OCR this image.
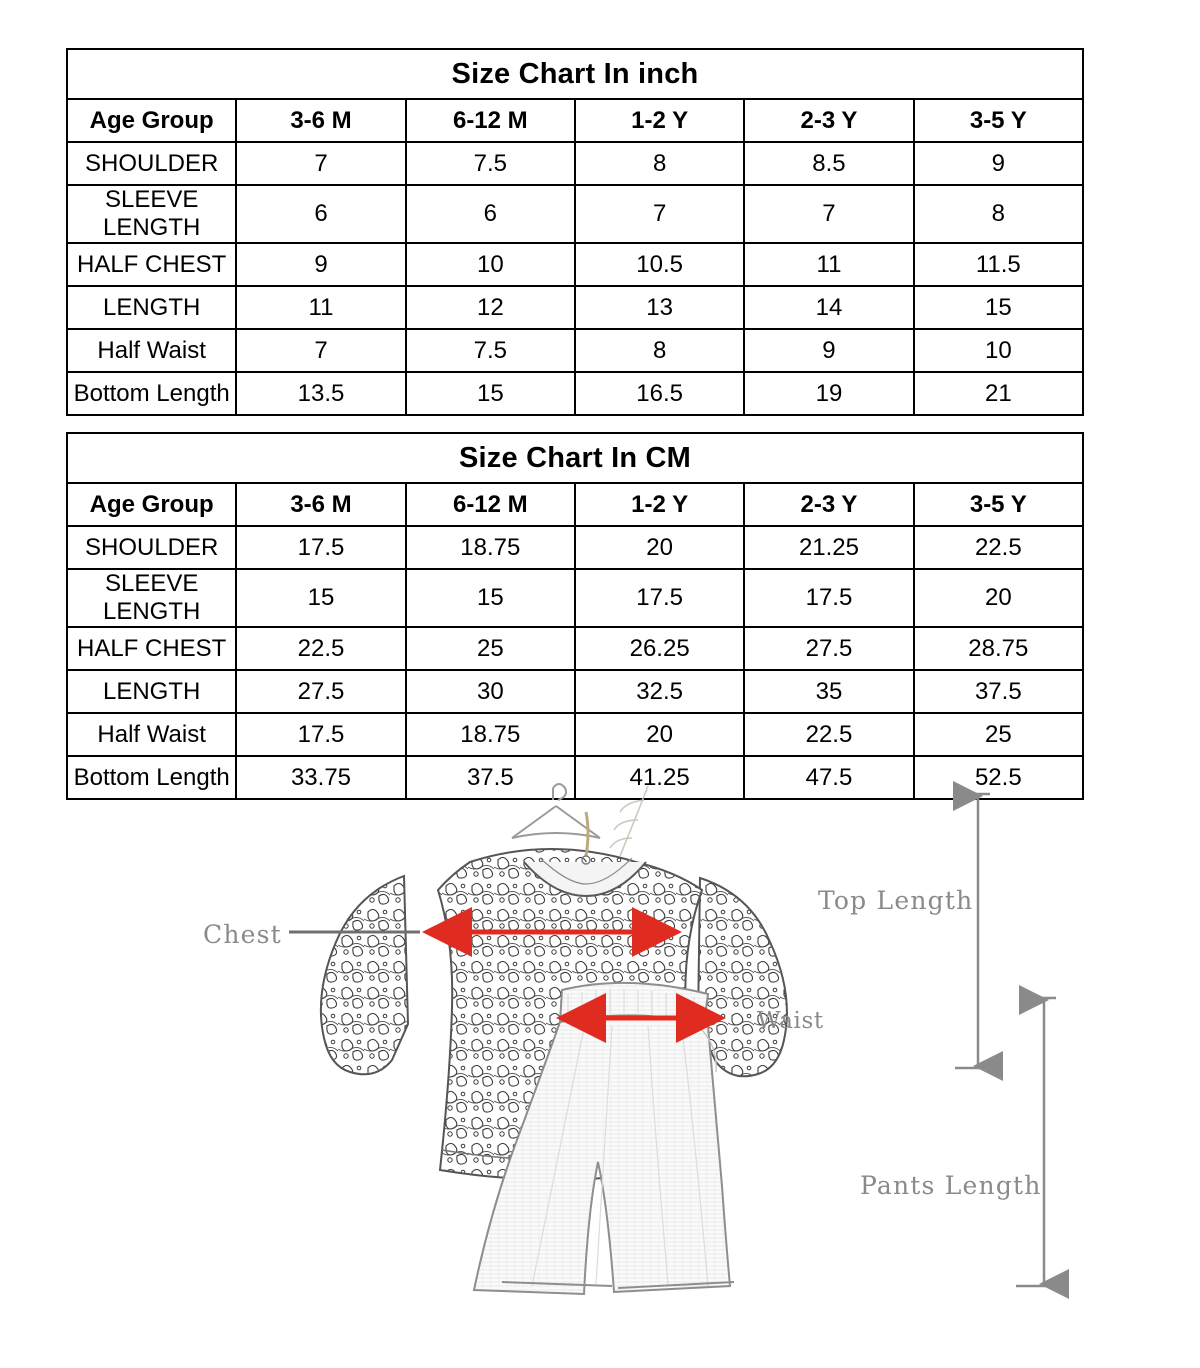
Size Chart In inch					
Age Group	3-6 M	6-12 M	1-2 Y	2-3 Y	3-5 Y
SHOULDER	7	7.5	8	8.5	9
SLEEVE LENGTH	6	6	7	7	8
HALF CHEST	9	10	10.5	11	11.5
LENGTH	11	12	13	14	15
Half Waist	7	7.5	8	9	10
Bottom Length	13.5	15	16.5	19	21
Size Chart In CM					
Age Group	3-6 M	6-12 M	1-2 Y	2-3 Y	3-5 Y
SHOULDER	17.5	18.75	20	21.25	22.5
SLEEVE LENGTH	15	15	17.5	17.5	20
HALF CHEST	22.5	25	26.25	27.5	28.75
LENGTH	27.5	30	32.5	35	37.5
Half Waist	17.5	18.75	20	22.5	25
Bottom Length	33.75	37.5	41.25	47.5	52.5
Chest
Waist
Top Length
Pants Length
